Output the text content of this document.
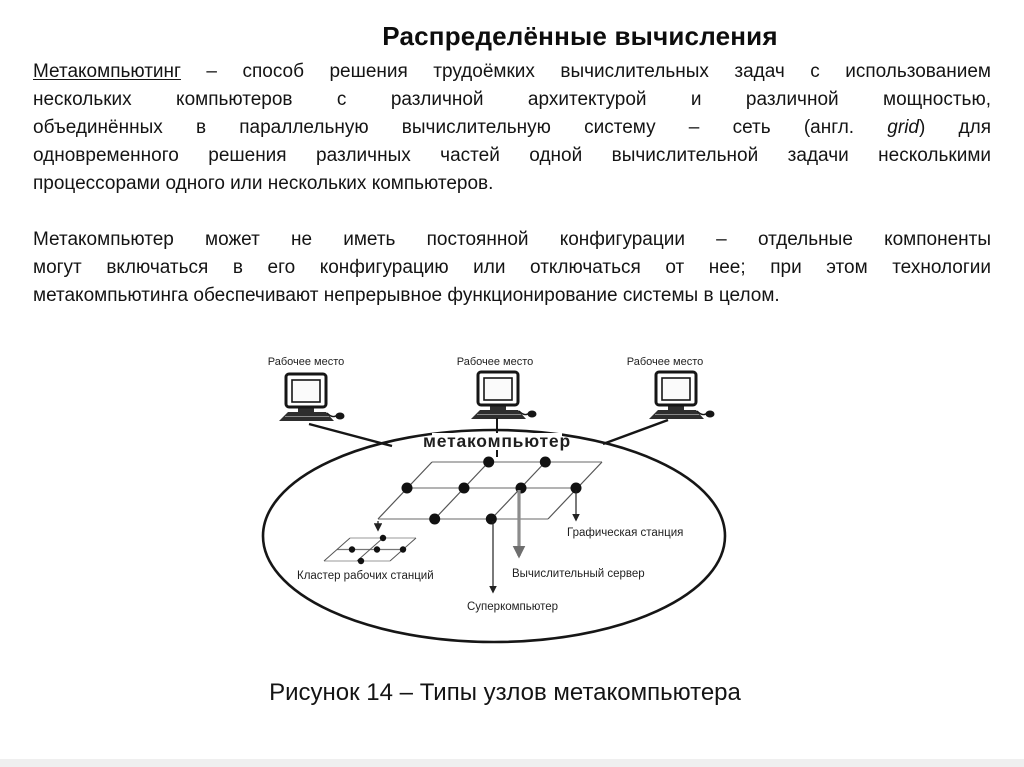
Распределённые вычисления
Метакомпьютинг – способ решения трудоёмких вычислительных задач с использованием
нескольких компьютеров с различной архитектурой и различной мощностью,
объединённых в параллельную вычислительную систему – сеть (англ. grid) для
одновременного решения различных частей одной вычислительной задачи несколькими
процессорами одного или нескольких компьютеров.
Метакомпьютер может не иметь постоянной конфигурации – отдельные компоненты
могут включаться в его конфигурацию или отключаться от нее; при этом технологии
метакомпьютинга обеспечивают непрерывное функционирование системы в целом.
Рабочее место	Рабочее место	Рабочее место
метакомпьютер
Графическая станция
Вычислительный сервер
Суперкомпьютер
Кластер рабочих станций
Рисунок 14 – Типы узлов метакомпьютера
